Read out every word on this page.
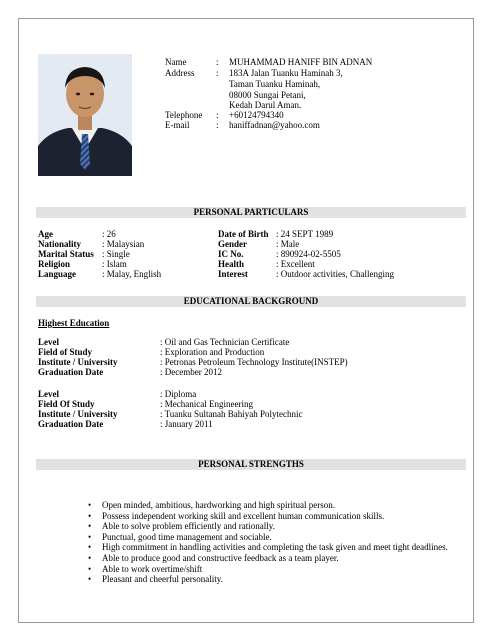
Name	: MUHAMMAD HANIFF BIN ADNAN
Address : 183A Jalan Tuanku Haminah 3,
Taman Tuanku Haminah,
08000 Sungai Petani,
Kedah Darul Aman.
Telephone : +60124794340
E-mail	: haniffadnan@yahoo.com
PERSONAL PARTICULARS
Age	: 26
Nationality : Malaysian
Marital Status : Single
Religion	: Islam
Language	: Malay, English
Date of Birth : 24 SEPT 1989
Gender	: Male
IC No.	: 890924-02-5505
Health	: Excellent
Interest	: Outdoor activities, Challenging
EDUCATIONAL BACKGROUND
Highest Education
Level	: Oil and Gas Technician Certificate
Field of Study	: Exploration and Production
Institute / University	: Petronas Petroleum Technology Institute(INSTEP)
Graduation Date	: December 2012
Level	: Diploma
Field Of Study	: Mechanical Engineering
Institute / University	: Tuanku Sultanah Bahiyah Polytechnic
Graduation Date	: January 2011
PERSONAL STRENGTHS
• Open minded, ambitious, hardworking and high spiritual person.
• Possess independent working skill and excellent human communication skills.
• Able to solve problem efficiently and rationally.
• Punctual, good time management and sociable.
• High commitment in handling activities and completing the task given and meet tight deadlines.
• Able to produce good and constructive feedback as a team player.
• Able to work overtime/shift
• Pleasant and cheerful personality.
